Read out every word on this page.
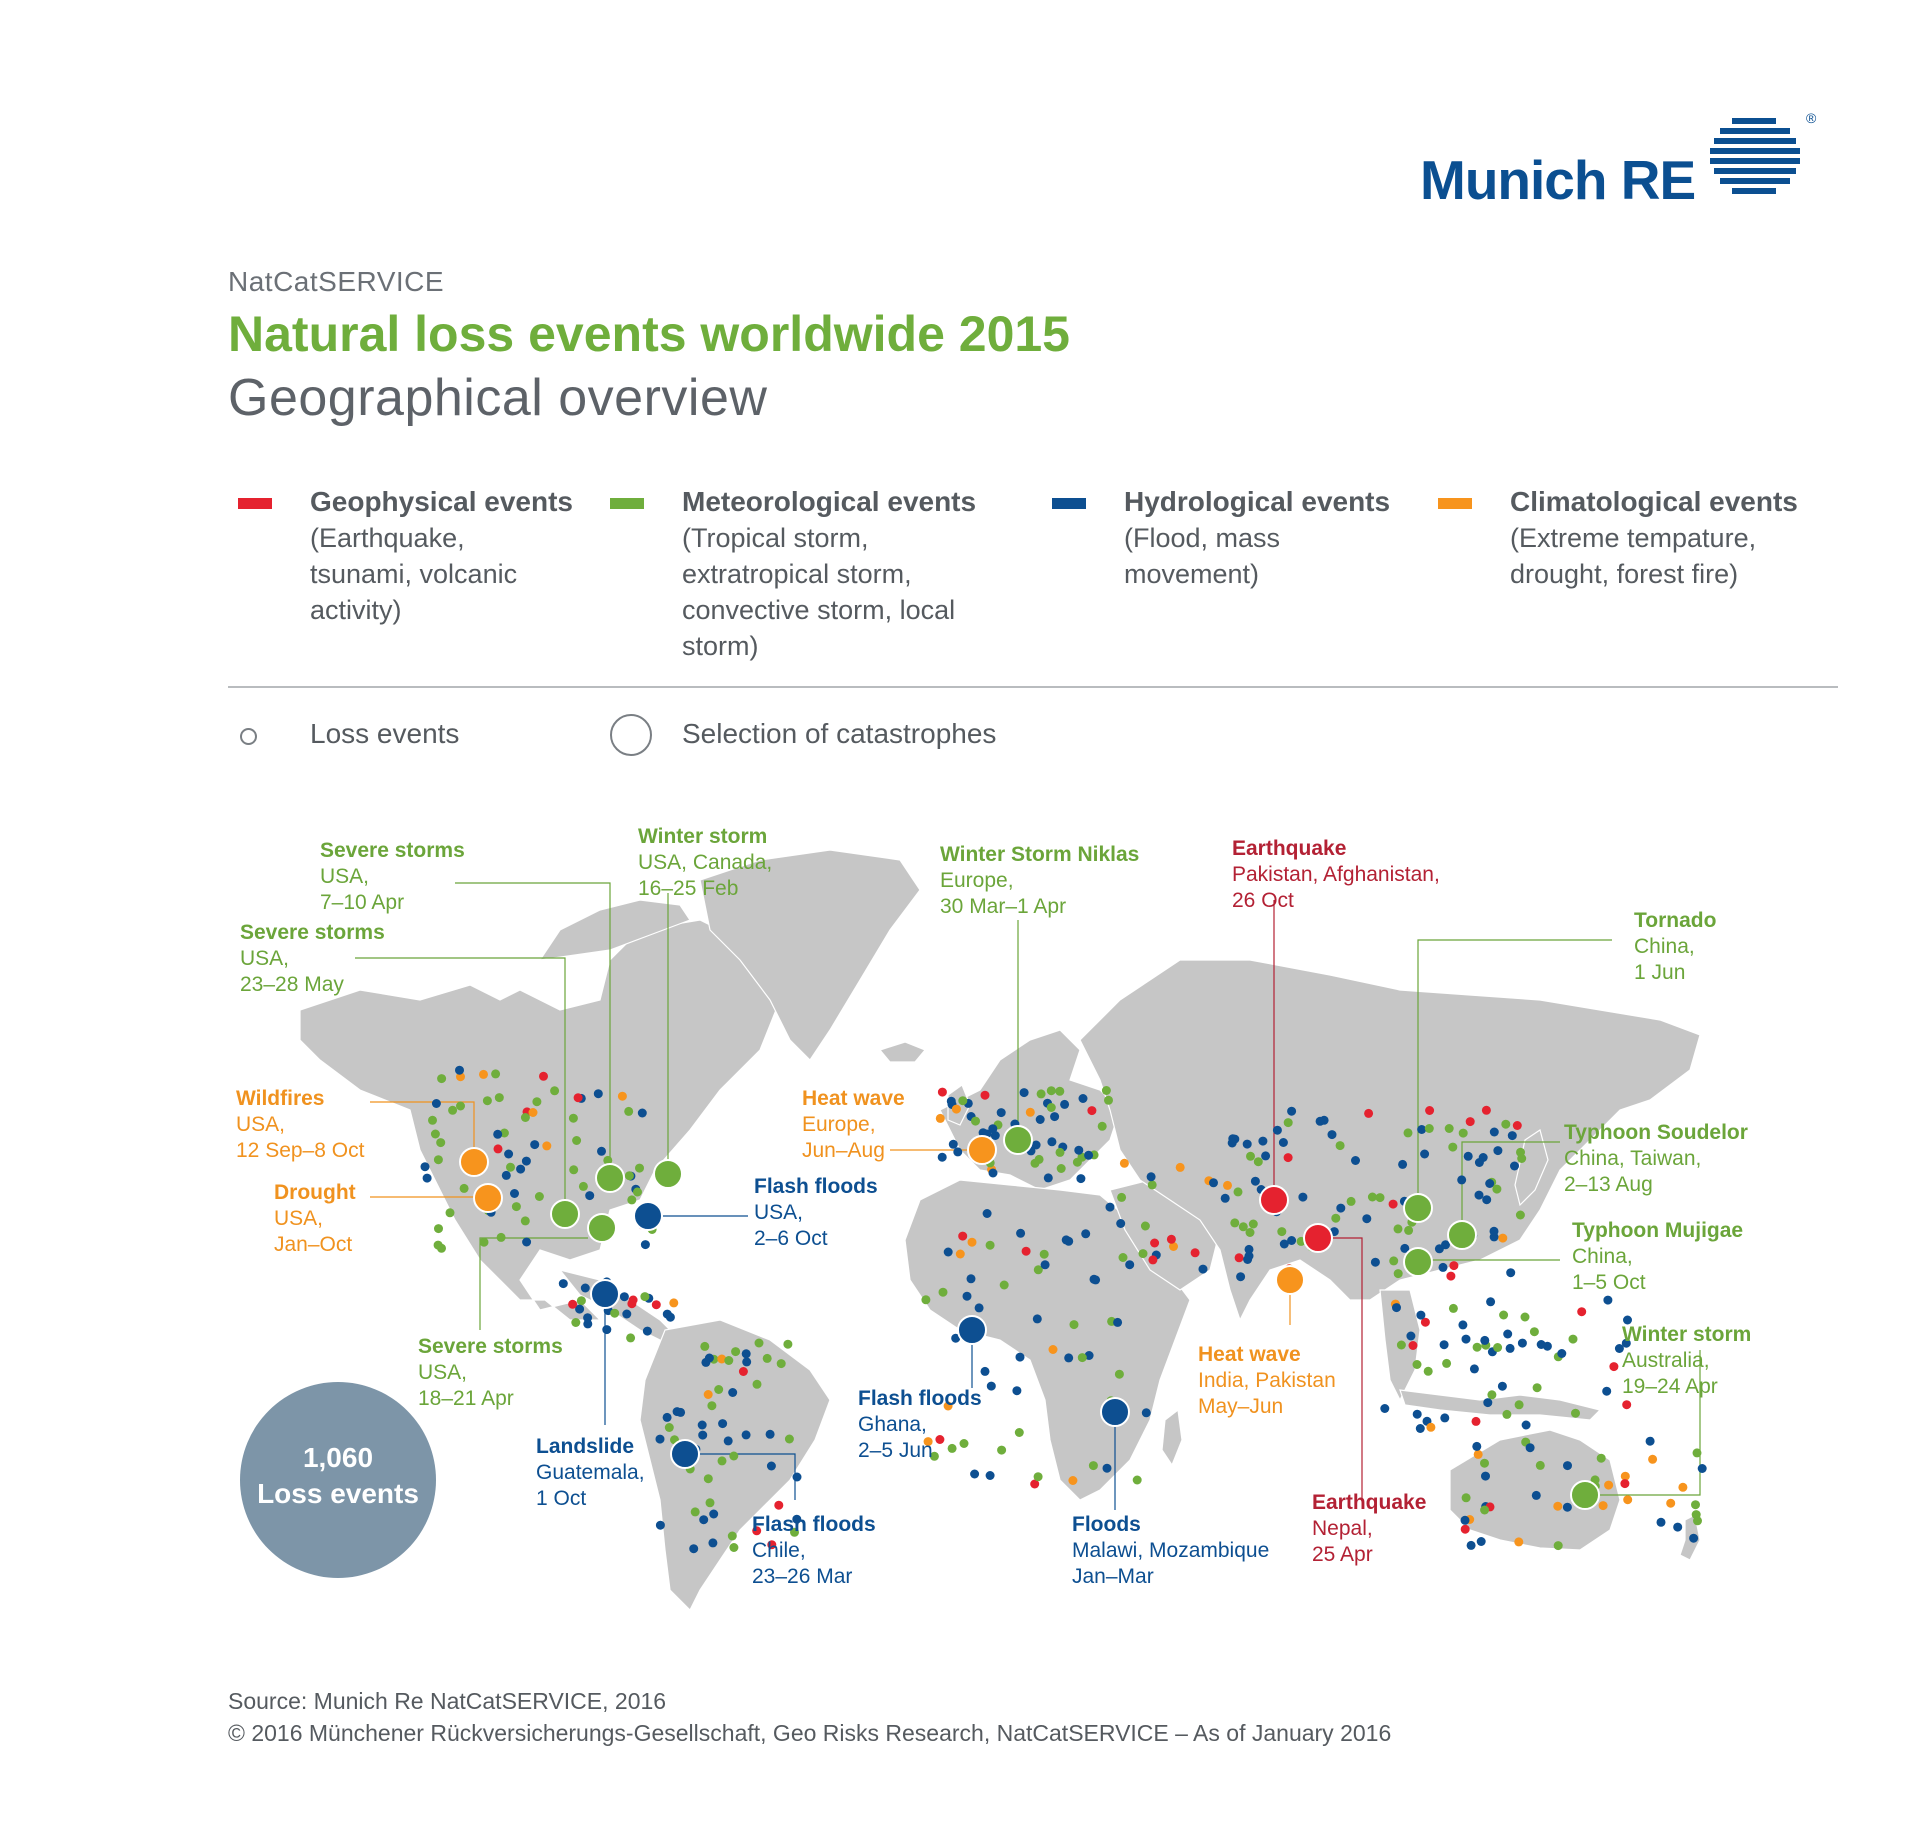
Munich RE
®
NatCatSERVICE
Natural loss events worldwide 2015
Geographical overview
Geophysical events
(Earthquake,
tsunami, volcanic
activity)
Meteorological events
(Tropical storm,
extratropical storm,
convective storm, local
storm)
Hydrological events
(Flood, mass
movement)
Climatological events
(Extreme tempature,
drought, forest fire)
Loss events	Selection of catastrophes
Severe storms
USA,
7–10 Apr
Severe storms
USA,
23–28 May
Winter storm
USA, Canada,
16–25 Feb
Wildfires
USA,
12 Sep–8 Oct
Drought
USA,
Jan–Oct
Flash floods
USA,
2–6 Oct
Severe storms
USA,
18–21 Apr
Landslide
Guatemala,
1 Oct
Flash floods
Chile,
23–26 Mar
Winter Storm Niklas
Europe,
30 Mar–1 Apr
Heat wave
Europe,
Jun–Aug
Flash floods
Ghana,
2–5 Jun
Floods
Malawi, Mozambique
Jan–Mar
Earthquake
Pakistan, Afghanistan,
26 Oct
Heat wave
India, Pakistan
May–Jun
Earthquake
Nepal,
25 Apr
Tornado
China,
1 Jun
Typhoon Soudelor
China, Taiwan,
2–13 Aug
Typhoon Mujigae
China,
1–5 Oct
Winter storm
Australia,
19–24 Apr
1,060
Loss events
Source: Munich Re NatCatSERVICE, 2016
© 2016 Münchener Rückversicherungs-Gesellschaft, Geo Risks Research, NatCatSERVICE – As of January 2016
